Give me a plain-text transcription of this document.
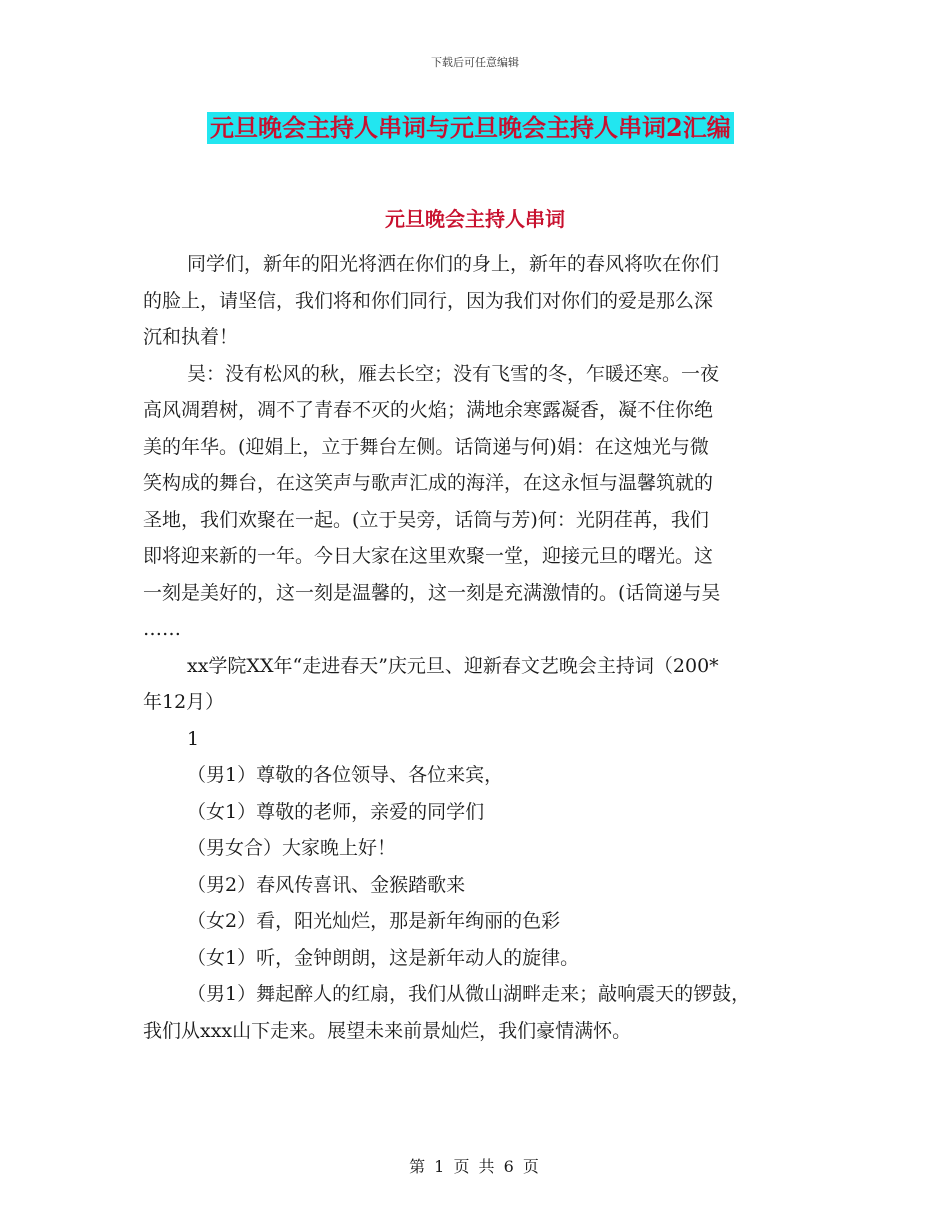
下载后可任意编辑
元旦晚会主持人串词与元旦晚会主持人串词2汇编
元旦晚会主持人串词
同学们，新年的阳光将洒在你们的身上，新年的春风将吹在你们
的脸上，请坚信，我们将和你们同行，因为我们对你们的爱是那么深
沉和执着！
吴：没有松风的秋，雁去长空；没有飞雪的冬，乍暖还寒。一夜
高风凋碧树，凋不了青春不灭的火焰；满地余寒露凝香，凝不住你绝
美的年华。(迎娟上，立于舞台左侧。话筒递与何)娟：在这烛光与微
笑构成的舞台，在这笑声与歌声汇成的海洋，在这永恒与温馨筑就的
圣地，我们欢聚在一起。(立于吴旁，话筒与芳)何：光阴荏苒，我们
即将迎来新的一年。今日大家在这里欢聚一堂，迎接元旦的曙光。这
一刻是美好的，这一刻是温馨的，这一刻是充满激情的。(话筒递与吴
……
xx学院XX年“走进春天”庆元旦、迎新春文艺晚会主持词（200*
年12月）
1
（男1）尊敬的各位领导、各位来宾，
（女1）尊敬的老师，亲爱的同学们
（男女合）大家晚上好！
（男2）春风传喜讯、金猴踏歌来
（女2）看，阳光灿烂，那是新年绚丽的色彩
（女1）听，金钟朗朗，这是新年动人的旋律。
（男1）舞起醉人的红扇，我们从微山湖畔走来；敲响震天的锣鼓，
我们从xxx山下走来。展望未来前景灿烂，我们豪情满怀。
第 1 页 共 6 页
